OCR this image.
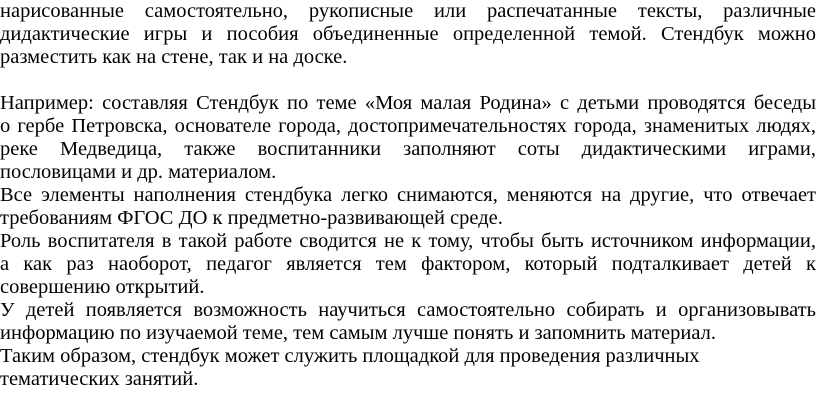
нарисованные самостоятельно, рукописные или распечатанные тексты, различные
дидактические игры и пособия объединенные определенной темой. Стендбук можно
разместить как на стене, так и на доске.
Например: составляя Стендбук по теме «Моя малая Родина» с детьми проводятся беседы
о гербе Петровска, основателе города, достопримечательностях города, знаменитых людях,
реке Медведица, также воспитанники заполняют соты дидактическими играми,
пословицами и др. материалом.
Все элементы наполнения стендбука легко снимаются, меняются на другие, что отвечает
требованиям ФГОС ДО к предметно-развивающей среде.
Роль воспитателя в такой работе сводится не к тому, чтобы быть источником информации,
а как раз наоборот, педагог является тем фактором, который подталкивает детей к
совершению открытий.
У детей появляется возможность научиться самостоятельно собирать и организовывать
информацию по изучаемой теме, тем самым лучше понять и запомнить материал.
Таким образом, стендбук может служить площадкой для проведения различных
тематических занятий.
